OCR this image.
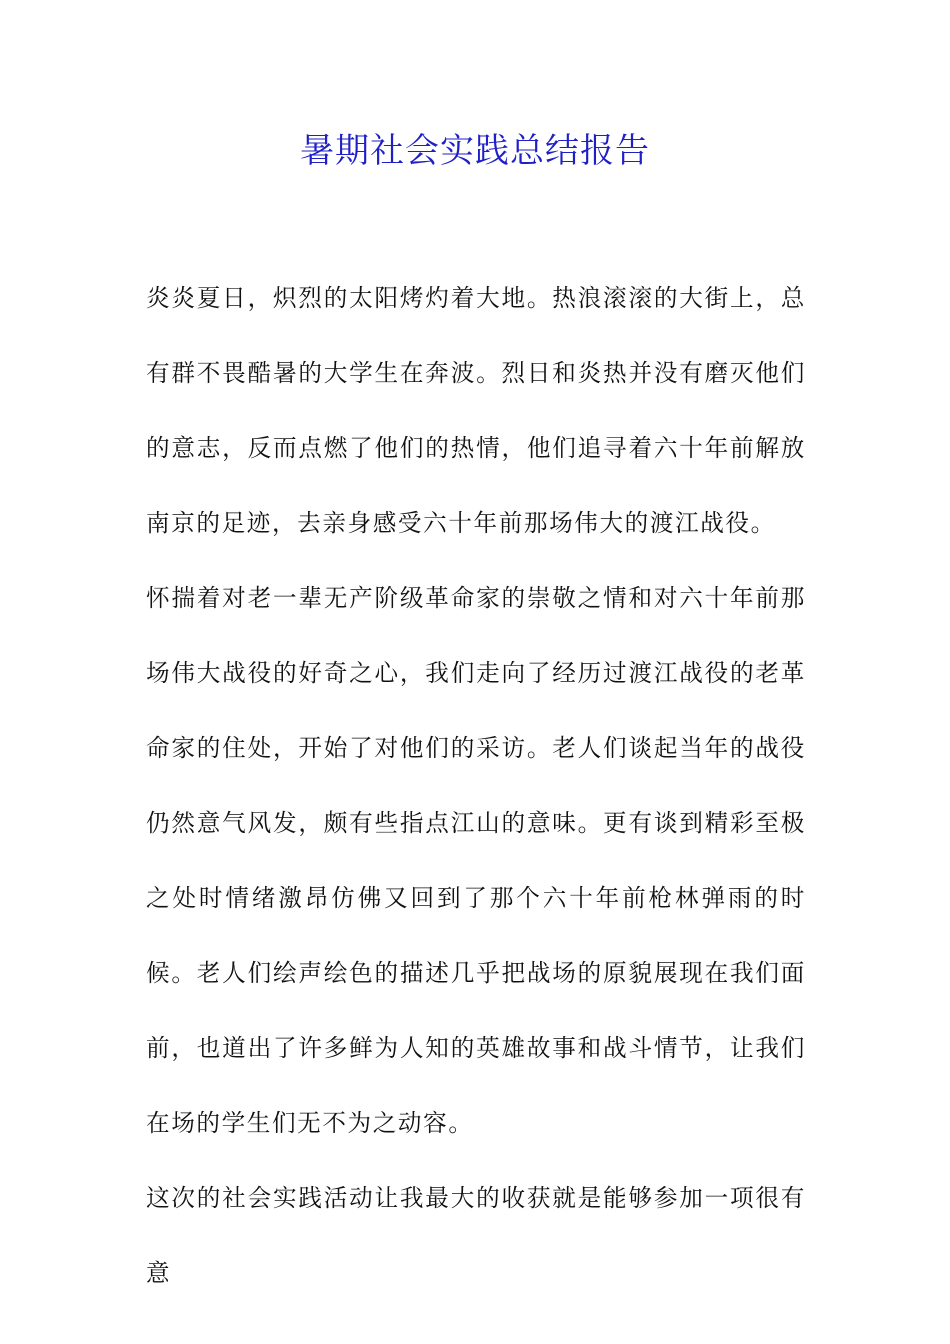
暑期社会实践总结报告

炎炎夏日，炽烈的太阳烤灼着大地。热浪滚滚的大街上，总有群不畏酷暑的大学生在奔波。烈日和炎热并没有磨灭他们的意志，反而点燃了他们的热情，他们追寻着六十年前解放南京的足迹，去亲身感受六十年前那场伟大的渡江战役。

怀揣着对老一辈无产阶级革命家的崇敬之情和对六十年前那场伟大战役的好奇之心，我们走向了经历过渡江战役的老革命家的住处，开始了对他们的采访。老人们谈起当年的战役仍然意气风发，颇有些指点江山的意味。更有谈到精彩至极之处时情绪激昂仿佛又回到了那个六十年前枪林弹雨的时候。老人们绘声绘色的描述几乎把战场的原貌展现在我们面前，也道出了许多鲜为人知的英雄故事和战斗情节，让我们在场的学生们无不为之动容。

这次的社会实践活动让我最大的收获就是能够参加一项很有意
